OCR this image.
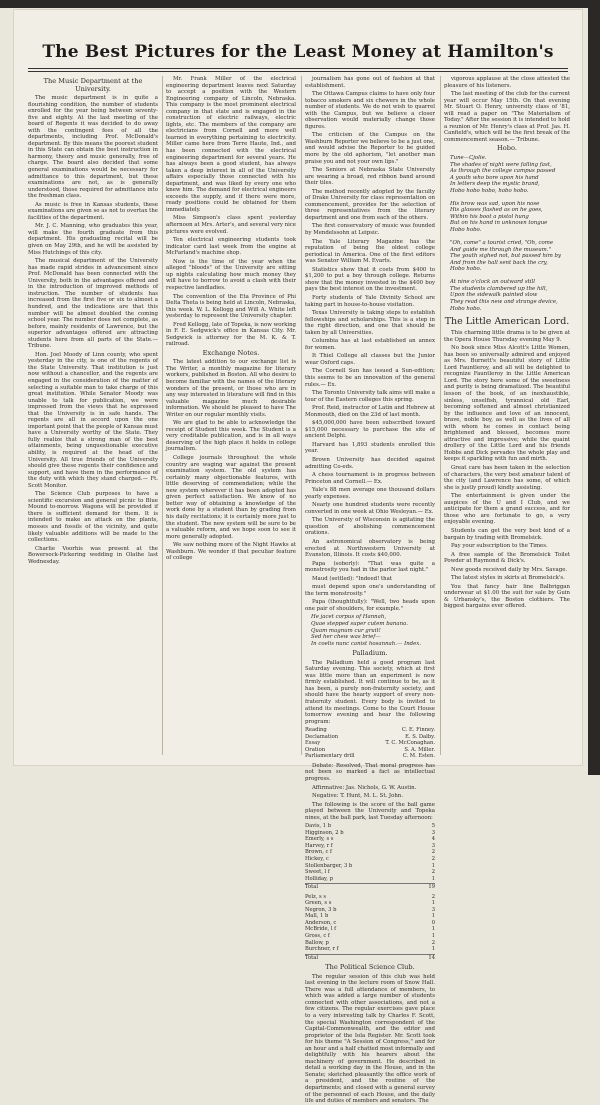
The Best Pictures for the Least Money at Hamilton's
The Music Department at the University.

The music department is in quite a flourishing condition, the number of students enrolled for the year being between seventy-five and eighty. At the last meeting of the board of Regents it was decided to do away with the contingent fees of all the departments, including Prof. McDonald's department. By this means the poorest student in this State can obtain the best instruction in harmony, theory and music generally, free of charge. The board also decided that some general examinations would be necessary for admittance to this department, but these examinations are not, as is generally understood, those required for admittance into the freshman class.

As music is free in Kansas students, these examinations are given so as not to overtax the facilities of the department.

Mr. J. C. Manning, who graduates this year, will make the fourth graduate from this department. His graduating recital will be given on May 29th, and he will be assisted by Miss Hutchings of this city.

The musical department of the University has made rapid strides in advancement since Prof. McDonald has been connected with the University, both in the advantages offered and in the introduction of improved methods of instruction. The number of students has increased from the first five or six to almost a hundred, and the indications are that this number will be almost doubled the coming school year. The number does not complete, as before, mainly residents of Lawrence, but the superior advantages offered are attracting students here from all parts of the State.— Tribune.

Hon. Joel Moody of Linn county, who spent yesterday in the city, is one of the regents of the State University. That institution is just now without a chancellor, and the regents are engaged in the consideration of the matter of selecting a suitable man to take charge of this great institution. While Senator Moody was unable to talk for publication, we were impressed from the views that he expressed that the University is in safe hands. The regents are all in accord upon the one important point that the people of Kansas must have a University worthy of the State. They fully realize that a strong man of the best attainments, being unquestionable executive ability, is required at the head of the University. All true friends of the University should give these regents their confidence and support, and have them in the performance of the duty with which they stand charged.— Ft. Scott Monitor.

The Science Club purposes to have a scientific excursion and general picnic to Blue Mound to-morrow. Wagons will be provided if there is sufficient demand for them. It is intended to make an attack on the plants, mosses and fossils of the vicinity, and quite likely valuable additions will be made to the collections.

Charlie Voorhis was present at the Bowersock-Pickering wedding in Olathe last Wednesday.

Mr. Frank Miller of the electrical engineering department leaves next Saturday to accept a position with the Western Engineering company of Lincoln, Nebraska. This company is the most prominent electrical company in that state and is engaged in the construction of electric railways, electric lights, etc. The members of the company are electricians from Cornell and more well learned in everything pertaining to electricity. Miller came here from Terre Haute, Ind., and has been connected with the electrical engineering department for several years. He has always been a good student, has always taken a deep interest in all of the University affairs especially those connected with his department, and was liked by every one who knew him. The demand for electrical engineers exceeds the supply, and if there were more, ready positions could be obtained for them immediately.

Miss Simpson's class spent yesterday afternoon at Mrs. Arter's, and several very nice pictures were evolved.

Ten electrical engineering students took indicator card last week from the engine at McFarland's machine shop.

Now is the time of the year when the alleged "bloods" of the University are sitting up nights calculating how much money they will have to borrow to avoid a clash with their respective landladies.

The convention of the Eta Province of Phi Delta Theta is being held at Lincoln, Nebraska, this week. W. L. Kellogg and Will A. White left yesterday to represent the University chapter.

Fred Kellogg, late of Topeka, is now working in F. E. Sedgwick's office in Kansas City. Mr. Sedgwick is attorney for the M. K. & T. railroad.

Exchange Notes.

The latest addition to our exchange list is The Writer, a monthly magazine for literary workers, published in Boston. All who desire to become familiar with the names of the literary wonders of the present, or those who are in any way interested in literature will find in this valuable magazine much desirable information. We should be pleased to have The Writer on our regular monthly visits.

We are glad to be able to acknowledge the receipt of Student this week. The Student is a very creditable publication, and is in all ways deserving of the high place it holds in college journalism.

College journals throughout the whole country are waging war against the present examination system. The old system has certainly many objectionable features, with little deserving of commendation; while the new system wherever it has been adopted has given perfect satisfaction. We know of no better way of obtaining a knowledge of the work done by a student than by grading from his daily recitations; it is certainly more just to the student. The new system will be sure to be a valuable reform, and we hope soon to see it more generally adopted.

We saw nothing more of the Night Hawks at Washburn. We wonder if that peculiar feature of college

journalism has gone out of fashion at that establishment.

The Ottawa Campus claims to have only four tobacco smokers and six chewers in the whole number of students. We do not wish to quarrel with the Campus, but we believe a closer observation would materially change those figures.

The criticism of the Campus on the Washburn Reporter we believe to be a just one, and would advise the Reporter to be guided more by the old aphorism, "let another man praise you and not your own lips."

The Seniors at Nebraska State University are wearing a broad, red ribbon band around their tiles.

The method recently adopted by the faculty of Drake University for class representation on commencement, provides for the selection of three representatives from the literary department and one from each of the others.

The first conservatory of music was founded by Mendelssohn at Leipsic.

The Yale Literary Magazine has the reputation of being the oldest college periodical in America. One of the first editors was Senator William M. Evarts.

Statistics show that it costs from $400 to $1,200 to put a boy through college. Returns show that the money invested in the $400 boy pays the best interest on the investment.

Forty students of Yale Divinity School are taking part in house-to-house visitation.

Texas University is taking steps to establish fellowships and scholarships. This is a step in the right direction, and one that should be taken by all Universities.

Columbia has at last established an annex for women.

It Thiel College all classes but the Junior wear Oxford caps.

The Cornell Sun has issued a Sun-edition; this seems to be an innovation of the general rules.— Ex.

The Toronto University talk aims will make a tour of the Eastern colleges this spring.

Prof. Reid, instructor of Latin and Hebrew at Monmouth, died on the 23d of last month.

$45,000,000 have been subscribed toward $15,000 necessary to purchase the site of ancient Delphi.

Harvard has 1,893 students enrolled this year.

Brown University has decided against admitting Co-eds.

A chess tournament is in progress between Princeton and Cornell.— Ex.

Yale's 88 men average one thousand dollars yearly expenses.

Nearly one hundred students were recently converted in one week at Ohio Wesleyan.— Ex.

The University of Wisconsin is agitating the question of abolishing commencement orations.

An astronomical observatory is being erected at Northwestern University at Evanston, Illinois. It costs $40,000.

Papa (soberly): "That was quite a monstrosity you had in the parlor last night."

Maud (settled): "Indeed! that

must depend upon one's understanding of the term monstrosity."

Papa (thoughtfully): "Well, two heads upon one pair of shoulders, for example."

He jacet corpus of Hannah,
Quae stepped super cutem banana.
Quam magnum cur gruit!
Sed her chew was brief—
In coelis nunc canist hosannah.— Index.
Palladium.

The Palladium held a good program last Saturday evening. This society, which at first was little more than an experiment is now firmly established. It will continue to be, as it has been, a purely non-fraternity society, and should have the hearty support of every non-fraternity student. Every body is invited to attend its meetings. Come to the Court House tomorrow evening and hear the following program:

Reading	C. E. Finney.
Declamation	E. S. Dalby.
Essay	T. C. McConaghan.
Oration	S. A. Miller.
Parliamentary drill	C. M. Esten.

Debate: Resolved, That moral progress has not been so marked a fact as intellectual progress.

Affirmative: Jas. Nichols, G. W. Austin.

Negative: T. Hunt, M. L. St. John.

The following is the score of the ball game played between the University and Topeka nines, at the ball park, last Tuesday afternoon:

Davis, 1 b	5
Higginson, 2 b	3
Emerly, s s	4
Harvey, r f	3
Brown, c f	2
Hickey, c	2
Stollenbarger, 3 b	1
Sweet, l f	2
Holliday, p	1
Total	19
Pelz, s s	2
Green, s s	1
Negron, 3 b	3
Mall, 1 b	1
Anderson, c	0
McBride, l f	1
Gross, c f	1
Ballow, p	2
Burchner, r f	1
Total	14
The Political Science Club.

The regular session of this club was held last evening in the lecture room of Snow Hall. There was a full attendance of members, to which was added a large number of students connected with other associations, and not a few citizens. The regular exercises gave place to a very interesting talk by Charles F. Scott, the special Washington correspondent of the Capital-Commonwealth, and the editor and proprietor of the Iola Register. Mr. Scott took for his theme "A Session of Congress," and for an hour and a half chatted most informally and delightfully with his hearers about the machinery of government. He described in detail a working day in the House, and in the Senate; sketched pleasantly the office work of a president, and the routine of the departments; and closed with a general survey of the personnel of each House, and the daily life and duties of members and senators. The

vigorous applause at the close attested the pleasure of his listeners.

The last meeting of the club for the current year will occur May 15th. On that evening Mr. Stuart O. Henry, university class of '81, will read a paper on "The Materialism of Today." After the session it is intended to hold a reunion of Mr. Henry's class at Prof. Jas. H. Canfield's, which will be the first break of the commencement season.— Tribune.

Hobo.
Tune—Cjolie.
The shades of night were falling fast,
As through the college campus passed
A youth who bore upon his hand
In letters deep the mystic brand,
Hobo hobo hobo, hobo hobo.

His brow was sad, upon his nose
His glasses flashed as on he goes,
Within his boot a pistol hung
But on his hand in unknown tongue
Hobo hobo.

"Oh, come" a tourist cried, "Oh, come
And guide me through the museum."
The youth sighed not, but passed him by
And from the hall sent back the cry,
Hobo hobo.

At nine o'clock an outward still
The students clambered up the hill,
Upon the sidewalk painted slow
They read this new and strange device,
Hobo hobo.
The Little American Lord.

This charming little drama is to be given at the Opera House Thursday evening May 9.

No book since Miss Alcott's Little Women, has been so universally admired and enjoyed as Mrs. Burnett's beautiful story of Little Lord Fauntleroy, and all will be delighted to recognize Fauntleroy in the Little American Lord. The story here some of the sweetness and purity is being dramatized. The beautiful lesson of the book, of an inexhaustible, sinless, unselfish, tyrannical old Earl, becoming softened and almost christianized by the influence and love of an innocent, brave, noble boy, as well as the lives of all with whom he comes in contact being brightened and blessed, becomes more attractive and impressive; while the quaint drollery of the Little Lord and his friends Hobbs and Dick pervades the whole play and keeps it sparkling with fun and mirth.

Great care has been taken in the selection of characters, the very best amateur talent of the city (and Lawrence has some, of which she is justly proud) kindly assisting.

The entertainment is given under the auspices of the U and I Club, and we anticipate for them a grand success, and for those who are fortunate to go, a very enjoyable evening.

Students can get the very best kind of a bargain by trading with Bromelsick.

Pay your subscription to the Times.

A free sample of the Bromelsick Toilet Powder at Raymond & Dick's.

New goods received daily by Mrs. Savage.

The latest styles in skirts at Bromelsick's.

You that fancy hair line Balbriggan underwear at $1.00 the suit for sale by Guin & Urbansky's, the Boston clothiers. The biggest bargains ever offered.
